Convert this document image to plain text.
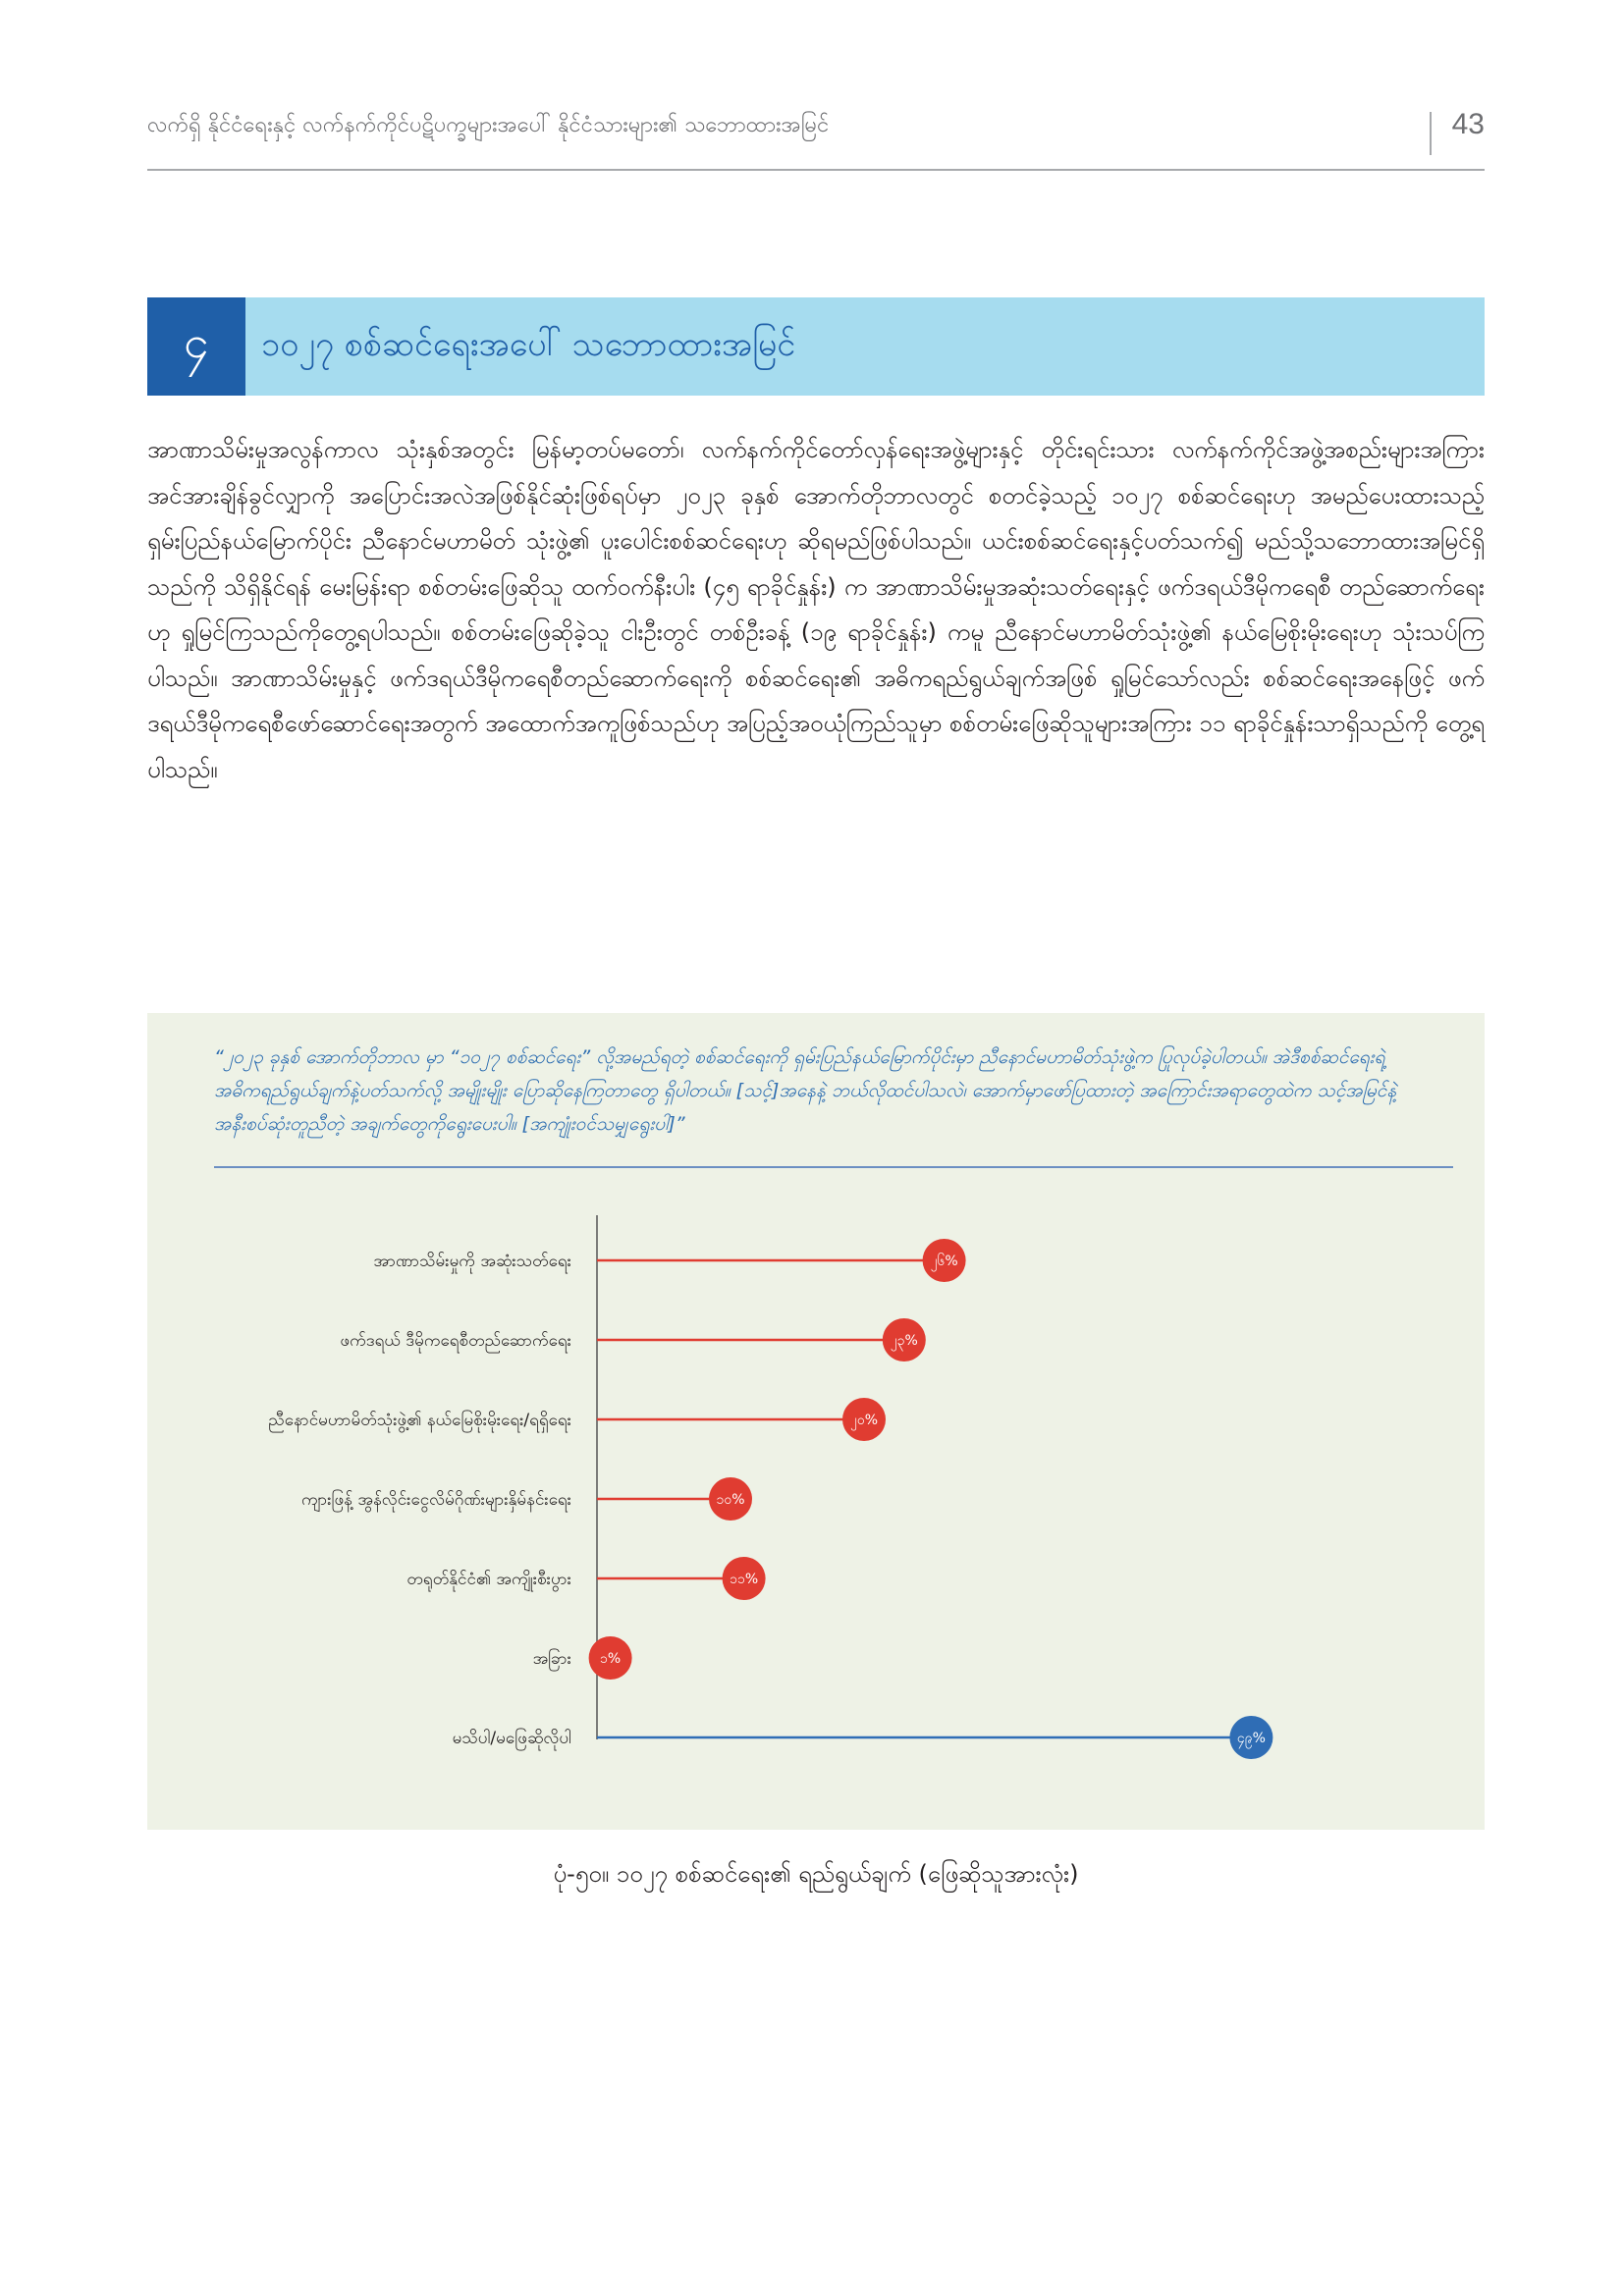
လက်ရှိ နိုင်ငံရေးနှင့် လက်နက်ကိုင်ပဋိပက္ခများအပေါ် နိုင်ငံသားများ၏ သဘောထားအမြင်	43
၄	၁၀၂၇ စစ်ဆင်ရေးအပေါ် သဘောထားအမြင်
အာဏာသိမ်းမှုအလွန်ကာလ သုံးနှစ်အတွင်း မြန်မာ့တပ်မတော်၊ လက်နက်ကိုင်တော်လှန်ရေးအဖွဲ့များနှင့် တိုင်းရင်းသား လက်နက်ကိုင်အဖွဲ့အစည်းများအကြား အင်အားချိန်ခွင်လျှာကို အပြောင်းအလဲအဖြစ်နိုင်ဆုံးဖြစ်ရပ်မှာ ၂၀၂၃ ခုနှစ် အောက်တိုဘာလတွင် စတင်ခဲ့သည့် ၁၀၂၇ စစ်ဆင်ရေးဟု အမည်ပေးထားသည့် ရှမ်းပြည်နယ်မြောက်ပိုင်း ညီနောင်မဟာမိတ် သုံးဖွဲ့၏ ပူးပေါင်းစစ်ဆင်ရေးဟု ဆိုရမည်ဖြစ်ပါသည်။ ယင်းစစ်ဆင်ရေးနှင့်ပတ်သက်၍ မည်သို့သဘောထားအမြင်ရှိသည်ကို သိရှိနိုင်ရန် မေးမြန်းရာ စစ်တမ်းဖြေဆိုသူ ထက်ဝက်နီးပါး (၄၅ ရာခိုင်နှုန်း) က အာဏာသိမ်းမှုအဆုံးသတ်ရေးနှင့် ဖက်ဒရယ်ဒီမိုကရေစီ တည်ဆောက်ရေးဟု ရှုမြင်ကြသည်ကိုတွေ့ရပါသည်။ စစ်တမ်းဖြေဆိုခဲ့သူ ငါးဦးတွင် တစ်ဦးခန့် (၁၉ ရာခိုင်နှုန်း) ကမူ ညီနောင်မဟာမိတ်သုံးဖွဲ့၏ နယ်မြေစိုးမိုးရေးဟု သုံးသပ်ကြပါသည်။ အာဏာသိမ်းမှုနှင့် ဖက်ဒရယ်ဒီမိုကရေစီတည်ဆောက်ရေးကို စစ်ဆင်ရေး၏ အဓိကရည်ရွယ်ချက်အဖြစ် ရှုမြင်သော်လည်း စစ်ဆင်ရေးအနေဖြင့် ဖက်ဒရယ်ဒီမိုကရေစီဖော်ဆောင်ရေးအတွက် အထောက်အကူဖြစ်သည်ဟု အပြည့်အဝယုံကြည်သူမှာ စစ်တမ်းဖြေဆိုသူများအကြား ၁၁ ရာခိုင်နှုန်းသာရှိသည်ကို တွေ့ရပါသည်။
“၂၀၂၃ ခုနှစ် အောက်တိုဘာလ မှာ “၁၀၂၇ စစ်ဆင်ရေး” လို့အမည်ရတဲ့ စစ်ဆင်ရေးကို ရှမ်းပြည်နယ်မြောက်ပိုင်းမှာ ညီနောင်မဟာမိတ်သုံးဖွဲ့က ပြုလုပ်ခဲ့ပါတယ်။ အဲဒီစစ်ဆင်ရေးရဲ့ အဓိကရည်ရွယ်ချက်နဲ့ပတ်သက်လို့ အမျိုးမျိုး ပြောဆိုနေကြတာတွေ ရှိပါတယ်။ [သင့်]အနေနဲ့ ဘယ်လိုထင်ပါသလဲ၊ အောက်မှာဖော်ပြထားတဲ့ အကြောင်းအရာတွေထဲက သင့်အမြင်နဲ့ အနီးစပ်ဆုံးတူညီတဲ့ အချက်တွေကိုရွေးပေးပါ။ [အကျုံးဝင်သမျှရွေးပါ]”
အာဏာသိမ်းမှုကို အဆုံးသတ်ရေး	၂၆%
ဖက်ဒရယ် ဒီမိုကရေစီတည်ဆောက်ရေး	၂၃%
ညီနောင်မဟာမိတ်သုံးဖွဲ့၏ နယ်မြေစိုးမိုးရေး/ရရှိရေး	၂၀%
ကျားဖြန့် အွန်လိုင်းငွေလိမ်ဂိုဏ်းများနှိမ်နင်းရေး	၁၀%
တရုတ်နိုင်ငံ၏ အကျိုးစီးပွား	၁၁%
အခြား ၁%
မသိပါ/မဖြေဆိုလိုပါ	၄၉%
ပုံ-၅၀။ ၁၀၂၇ စစ်ဆင်ရေး၏ ရည်ရွယ်ချက် (ဖြေဆိုသူအားလုံး)
